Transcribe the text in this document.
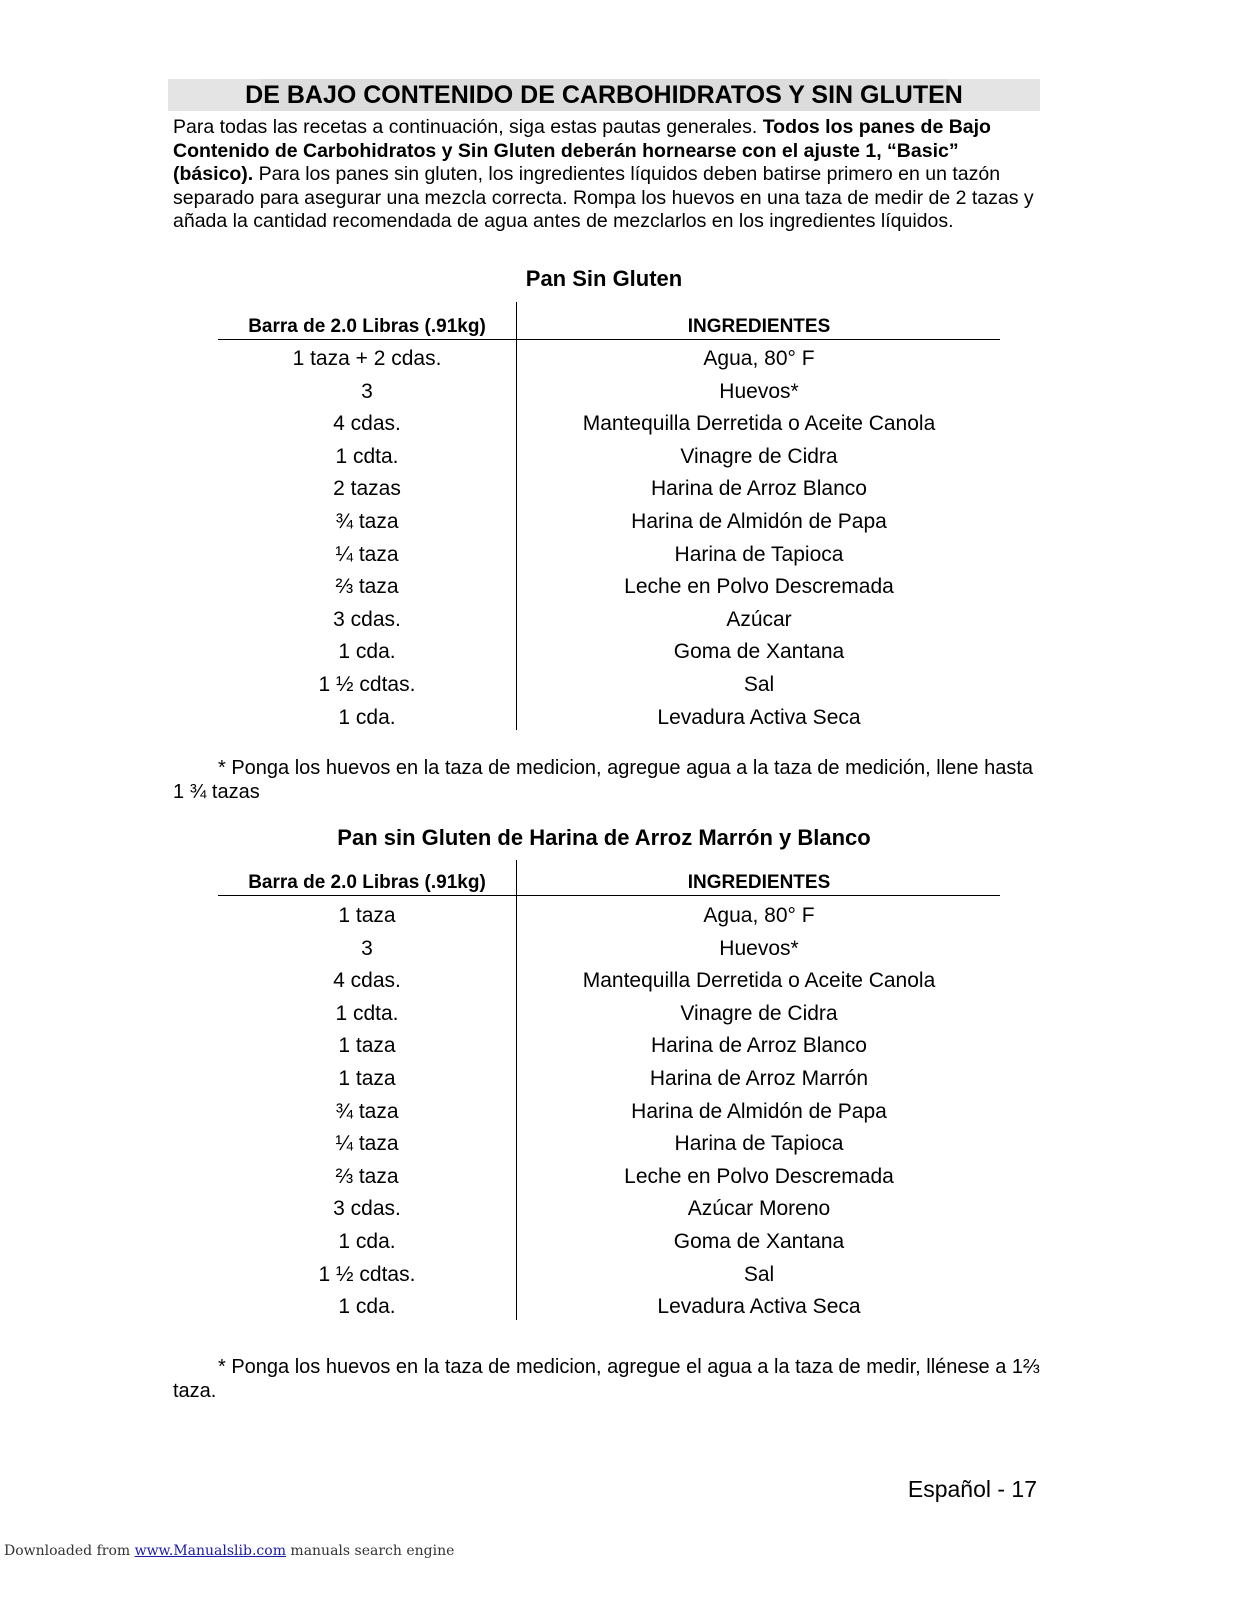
DE BAJO CONTENIDO DE CARBOHIDRATOS Y SIN GLUTEN
Para todas las recetas a continuación, siga estas pautas generales. Todos los panes de Bajo Contenido de Carbohidratos y Sin Gluten deberán hornearse con el ajuste 1, “Basic” (básico). Para los panes sin gluten, los ingredientes líquidos deben batirse primero en un tazón separado para asegurar una mezcla correcta. Rompa los huevos en una taza de medir de 2 tazas y añada la cantidad recomendada de agua antes de mezclarlos en los ingredientes líquidos.
Pan Sin Gluten
Barra de 2.0 Libras (.91kg)	INGREDIENTES
1 taza + 2 cdas.	Agua, 80° F
3	Huevos*
4 cdas.	Mantequilla Derretida o Aceite Canola
1 cdta.	Vinagre de Cidra
2 tazas	Harina de Arroz Blanco
¾ taza	Harina de Almidón de Papa
¼ taza	Harina de Tapioca
⅔ taza	Leche en Polvo Descremada
3 cdas.	Azúcar
1 cda.	Goma de Xantana
1 ½ cdtas.	Sal
1 cda.	Levadura Activa Seca
* Ponga los huevos en la taza de medicion, agregue agua a la taza de medición, llene hasta 1 ¾ tazas
Pan sin Gluten de Harina de Arroz Marrón y Blanco
Barra de 2.0 Libras (.91kg)	INGREDIENTES
1 taza	Agua, 80° F
3	Huevos*
4 cdas.	Mantequilla Derretida o Aceite Canola
1 cdta.	Vinagre de Cidra
1 taza	Harina de Arroz Blanco
1 taza	Harina de Arroz Marrón
¾ taza	Harina de Almidón de Papa
¼ taza	Harina de Tapioca
⅔ taza	Leche en Polvo Descremada
3 cdas.	Azúcar Moreno
1 cda.	Goma de Xantana
1 ½ cdtas.	Sal
1 cda.	Levadura Activa Seca
* Ponga los huevos en la taza de medicion, agregue el agua a la taza de medir, llénese a 1⅔ taza.
Español - 17
Downloaded from www.Manualslib.com manuals search engine
